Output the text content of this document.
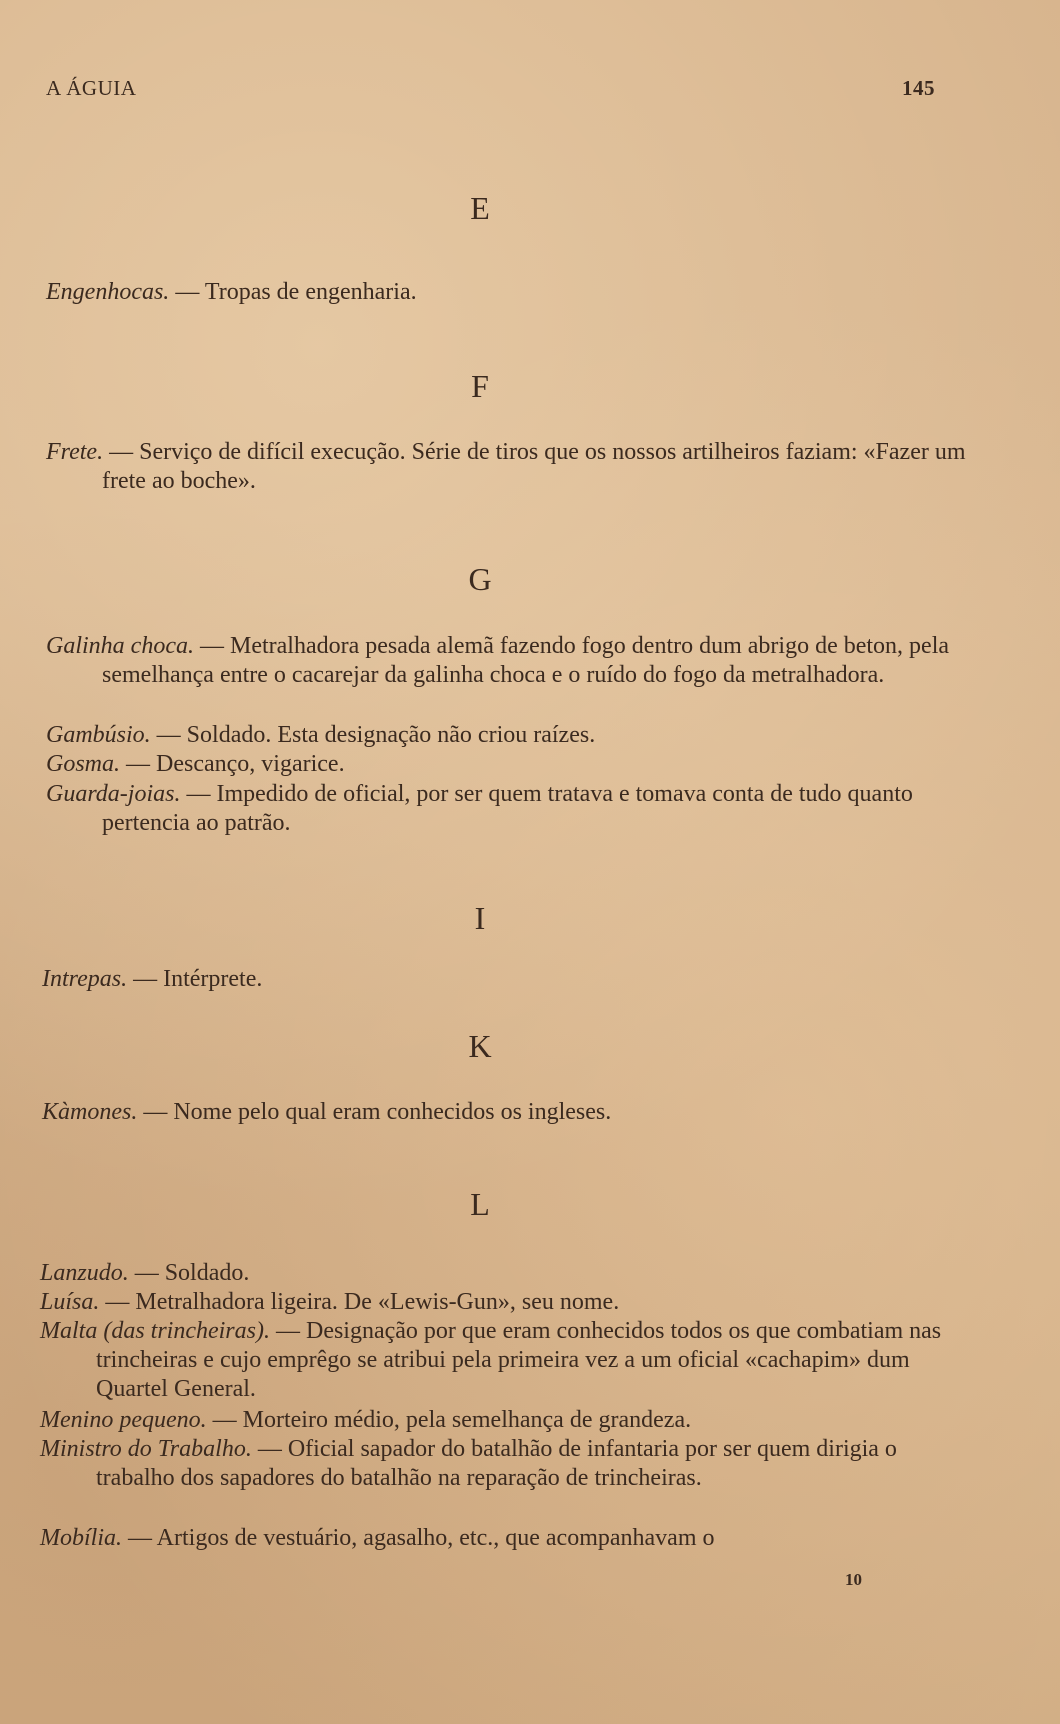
A ÁGUIA	145
E
Engenhocas. — Tropas de engenharia.
F
Frete. — Serviço de difícil execução. Série de tiros que os nossos artilheiros faziam: «Fazer um frete ao boche».
G
Galinha choca. — Metralhadora pesada alemã fazendo fogo dentro dum abrigo de beton, pela semelhança entre o cacarejar da galinha choca e o ruído do fogo da metralhadora.
Gambúsio. — Soldado. Esta designação não criou raízes.
Gosma. — Descanço, vigarice.
Guarda-joias. — Impedido de oficial, por ser quem tratava e tomava conta de tudo quanto pertencia ao patrão.
I
Intrepas. — Intérprete.
K
Kàmones. — Nome pelo qual eram conhecidos os ingleses.
L
Lanzudo. — Soldado.
Luísa. — Metralhadora ligeira. De «Lewis-Gun», seu nome.
Malta (das trincheiras). — Designação por que eram conhecidos todos os que combatiam nas trincheiras e cujo emprêgo se atribui pela primeira vez a um oficial «cachapim» dum Quartel General.
Menino pequeno. — Morteiro médio, pela semelhança de grandeza.
Ministro do Trabalho. — Oficial sapador do batalhão de infantaria por ser quem dirigia o trabalho dos sapadores do batalhão na reparação de trincheiras.
Mobília. — Artigos de vestuário, agasalho, etc., que acompanhavam o
10
